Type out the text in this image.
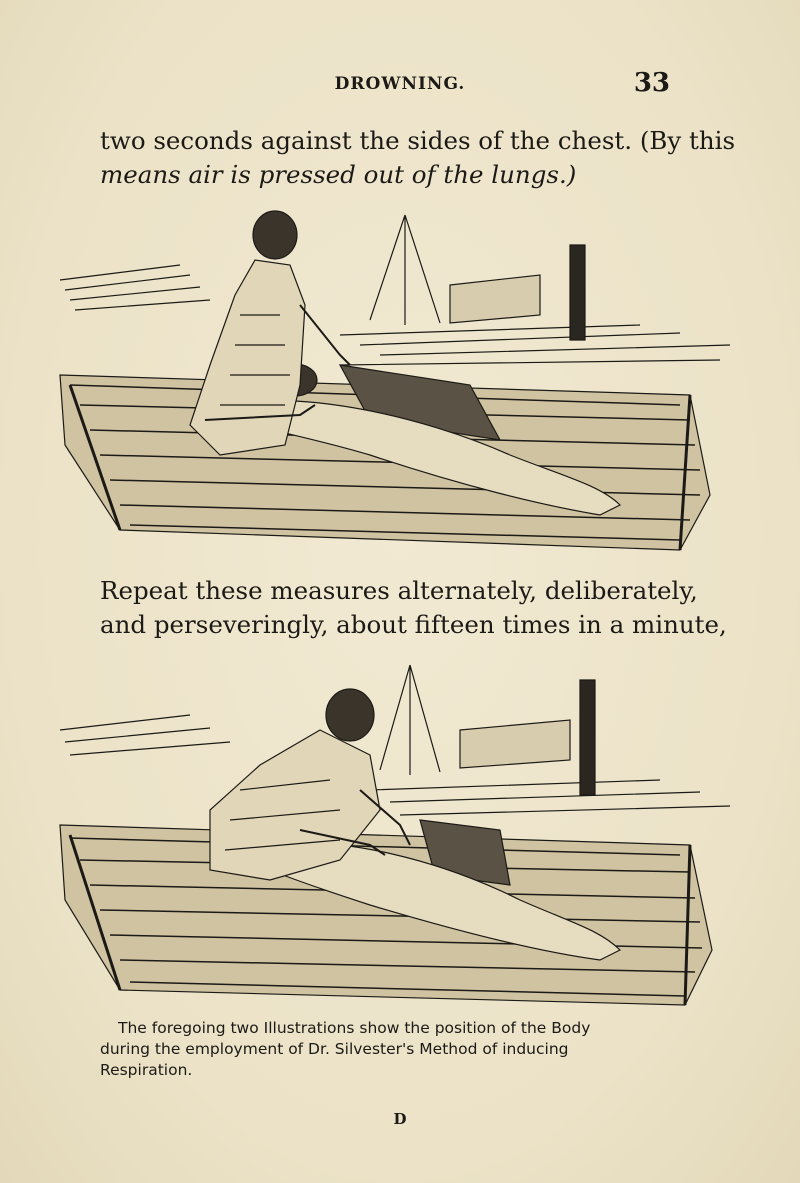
DROWNING.	33
two seconds against the sides of the chest. (By this
means air is pressed out of the lungs.)
Repeat these measures alternately, deliberately,
and perseveringly, about fifteen times in a minute,
The foregoing two Illustrations show the position of the Body
during the employment of Dr. Silvester's Method of inducing
Respiration.
D
